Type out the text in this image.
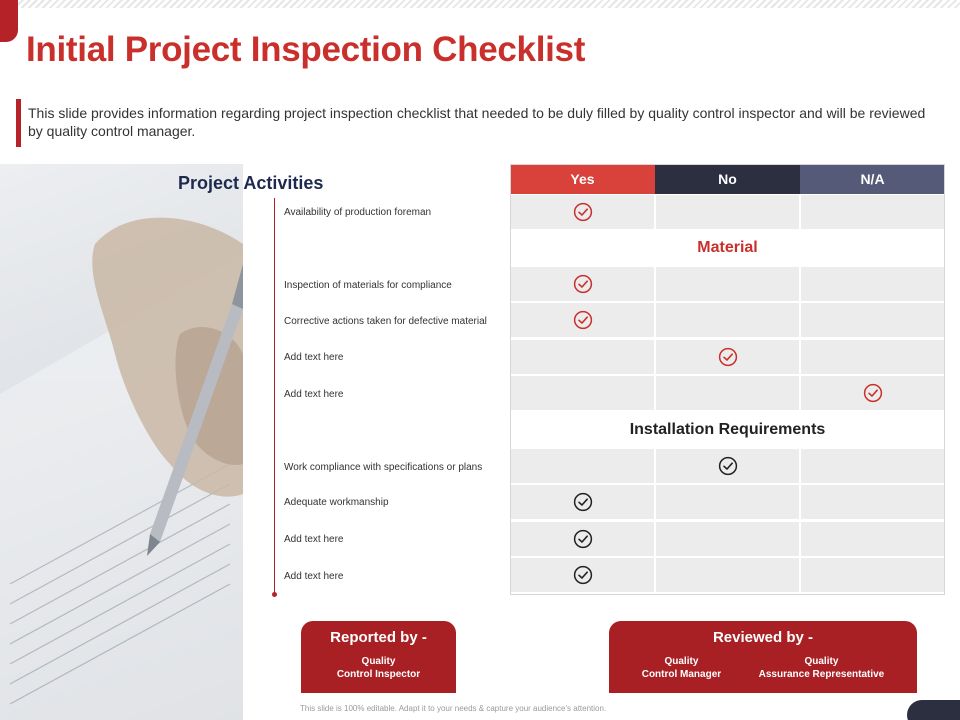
Initial Project Inspection Checklist

This slide provides information regarding project inspection checklist that needed to be duly filled by quality control inspector and will be reviewed by quality control manager.

Project Activities
Availability of production foreman
Inspection of materials for compliance
Corrective actions taken for defective material
Add text here
Add text here
Work compliance with specifications or plans
Adequate workmanship
Add text here
Add text here
Yes	No	N/A
Material
Installation Requirements
Reported by -
Quality
Control Inspector
Reviewed by -
Quality
Control Manager
Quality
Assurance Representative
This slide is 100% editable. Adapt it to your needs & capture your audience's attention.
